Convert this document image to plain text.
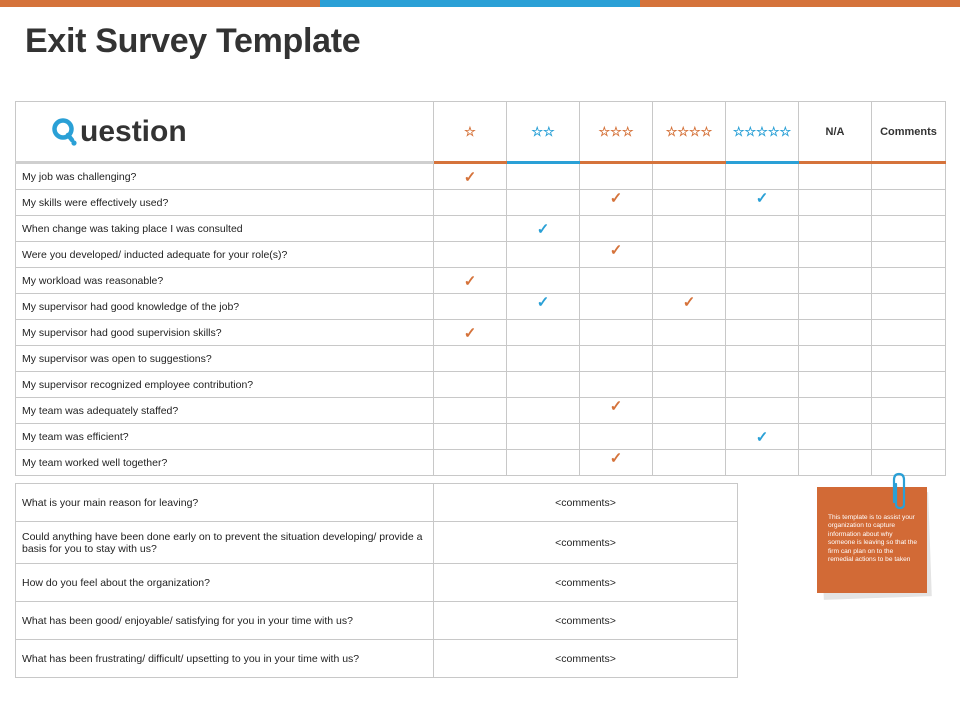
Exit Survey Template
uestion	☆	☆☆	☆☆☆	☆☆☆☆	☆☆☆☆☆	N/A	Comments
My job was challenging?	✓						
My skills were effectively used?			✓		✓		
When change was taking place I was consulted		✓					
Were you developed/ inducted adequate for your role(s)?			✓				
My workload was reasonable?	✓						
My supervisor had good knowledge of the job?		✓		✓			
My supervisor had good supervision skills?	✓						
My supervisor was open to suggestions?							
My supervisor recognized employee contribution?							
My team was adequately staffed?			✓				
My team was efficient?					✓		
My team worked well together?			✓				
What is your main reason for leaving?	<comments>
Could anything have been done early on to prevent the situation developing/ provide a basis for you to stay with us?	<comments>
How do you feel about the organization?	<comments>
What has been good/ enjoyable/ satisfying for you in your time with us?	<comments>
What has been frustrating/ difficult/ upsetting to you in your time with us?	<comments>
This template is to assist your organization to capture information about why someone is leaving so that the firm can plan on to the remedial actions to be taken
